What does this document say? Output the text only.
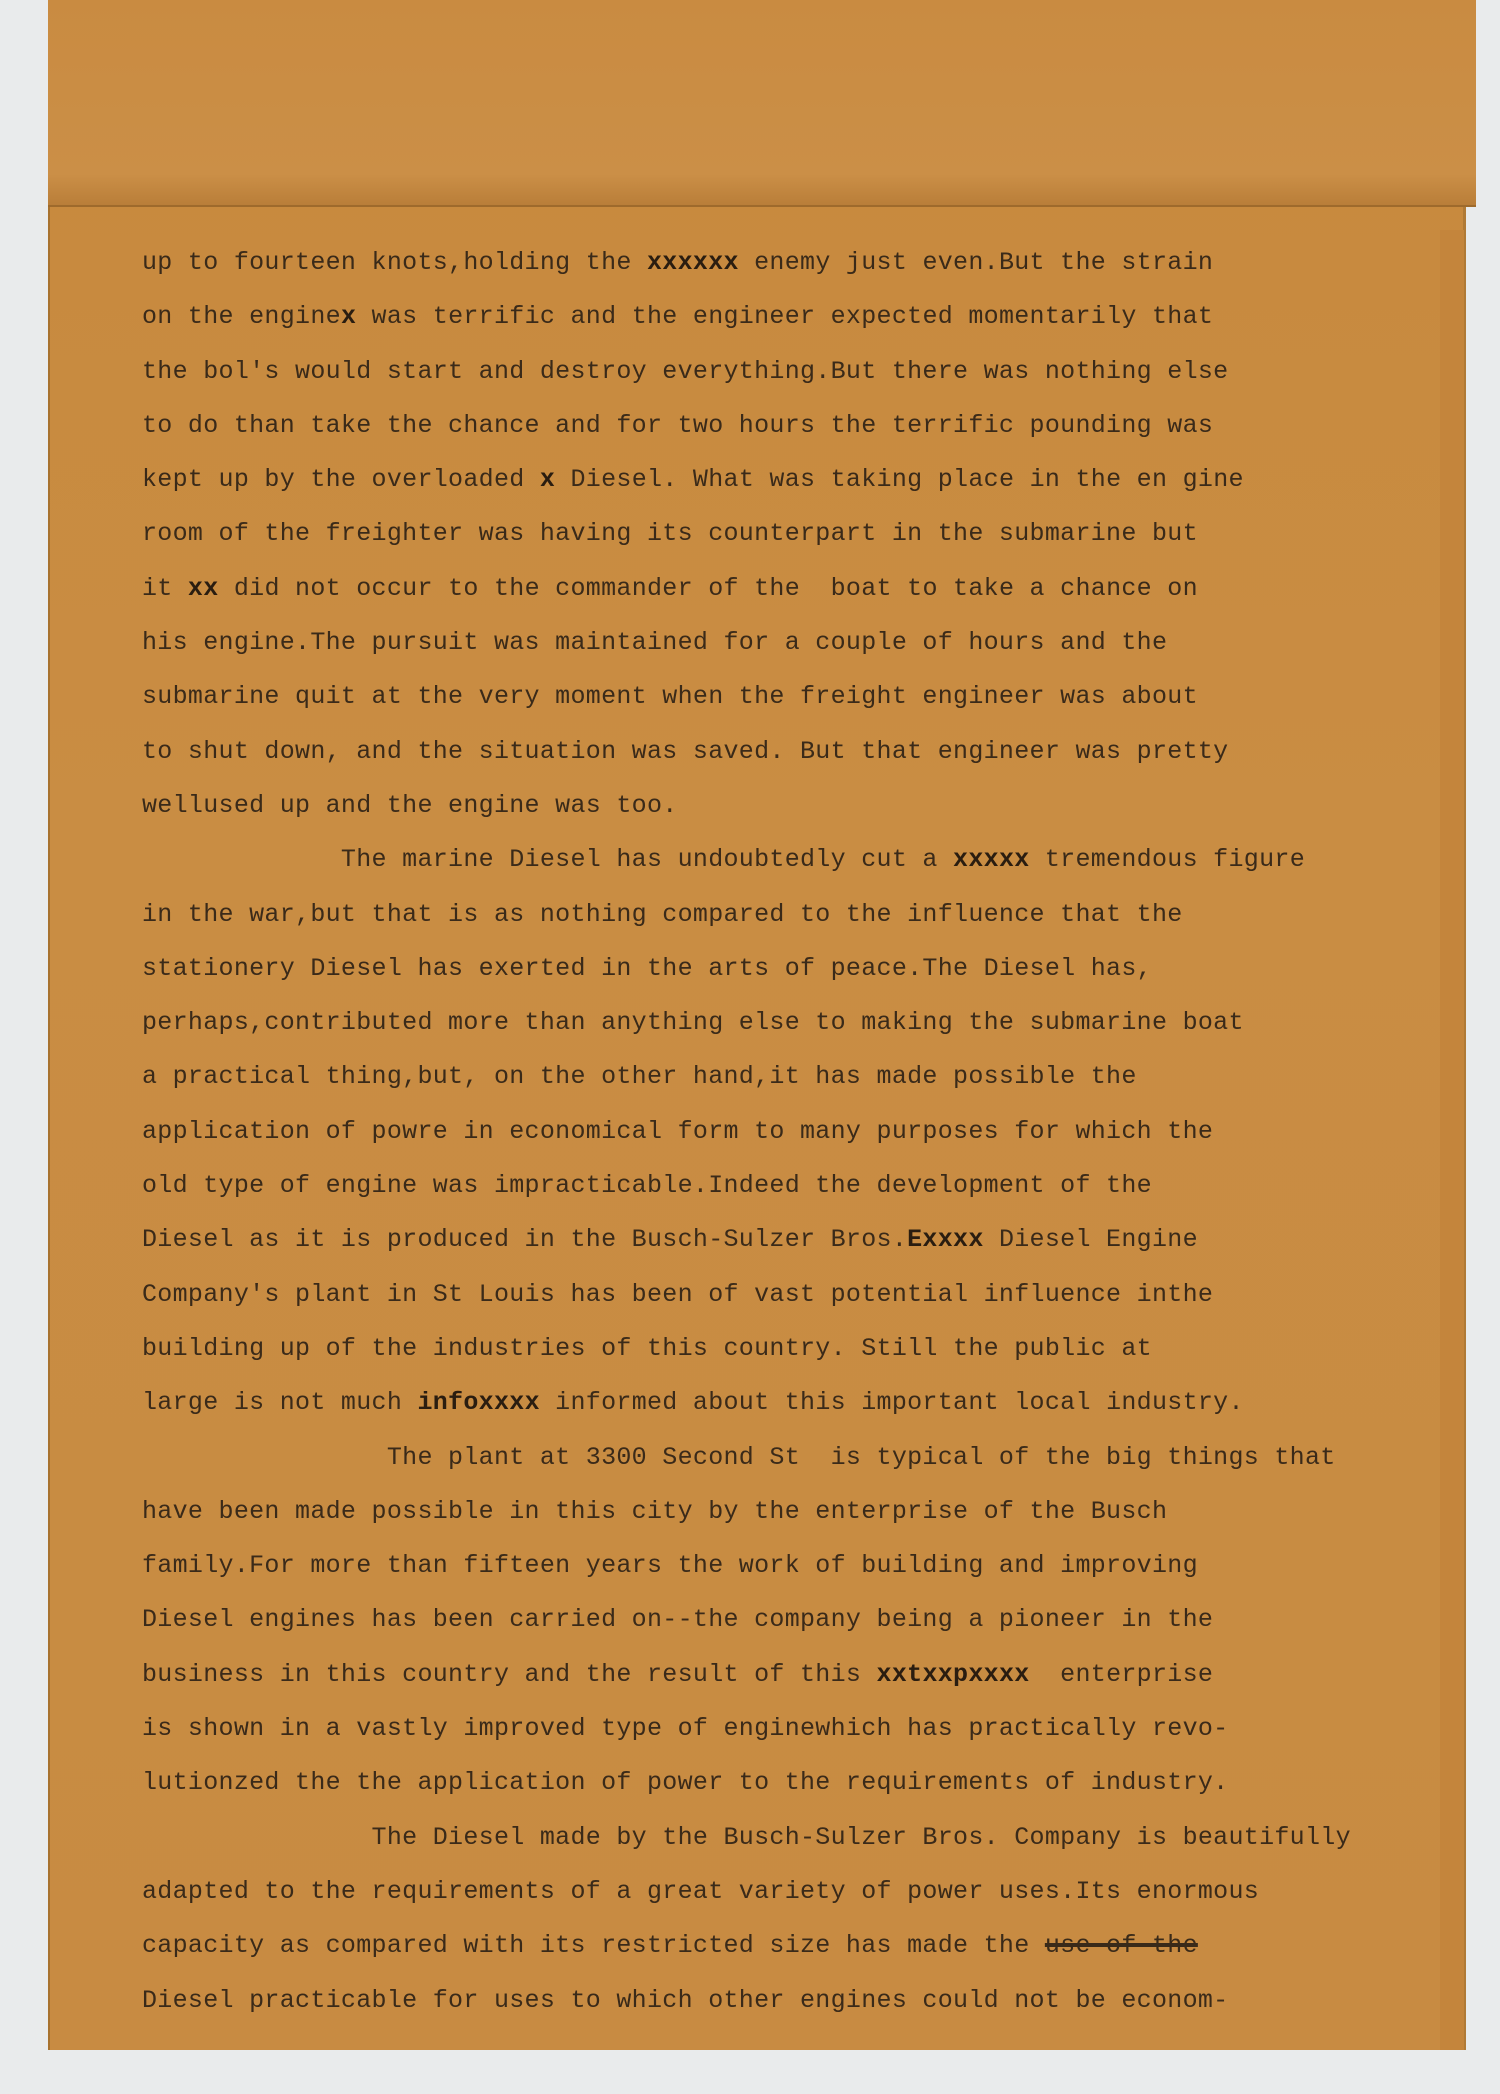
up to fourteen knots,holding the xxxxxx enemy just even.But the strain
on the enginex was terrific and the engineer expected momentarily that
the bol's would start and destroy everything.But there was nothing else
to do than take the chance and for two hours the terrific pounding was
kept up by the overloaded x Diesel. What was taking place in the en gine
room of the freighter was having its counterpart in the submarine but
it xx did not occur to the commander of the  boat to take a chance on
his engine.The pursuit was maintained for a couple of hours and the
submarine quit at the very moment when the freight engineer was about
to shut down, and the situation was saved. But that engineer was pretty
wellused up and the engine was too.
The marine Diesel has undoubtedly cut a xxxxx tremendous figure
in the war,but that is as nothing compared to the influence that the
stationery Diesel has exerted in the arts of peace.The Diesel has,
perhaps,contributed more than anything else to making the submarine boat
a practical thing,but, on the other hand,it has made possible the
application of powre in economical form to many purposes for which the
old type of engine was impracticable.Indeed the development of the
Diesel as it is produced in the Busch-Sulzer Bros.Exxxx Diesel Engine
Company's plant in St Louis has been of vast potential influence inthe
building up of the industries of this country. Still the public at
large is not much infoxxxx informed about this important local industry.
The plant at 3300 Second St  is typical of the big things that
have been made possible in this city by the enterprise of the Busch
family.For more than fifteen years the work of building and improving
Diesel engines has been carried on--the company being a pioneer in the
business in this country and the result of this xxtxxpxxxx  enterprise
is shown in a vastly improved type of enginewhich has practically revo-
lutionzed the the application of power to the requirements of industry.
The Diesel made by the Busch-Sulzer Bros. Company is beautifully
adapted to the requirements of a great variety of power uses.Its enormous
capacity as compared with its restricted size has made the use of the
Diesel practicable for uses to which other engines could not be econom-
